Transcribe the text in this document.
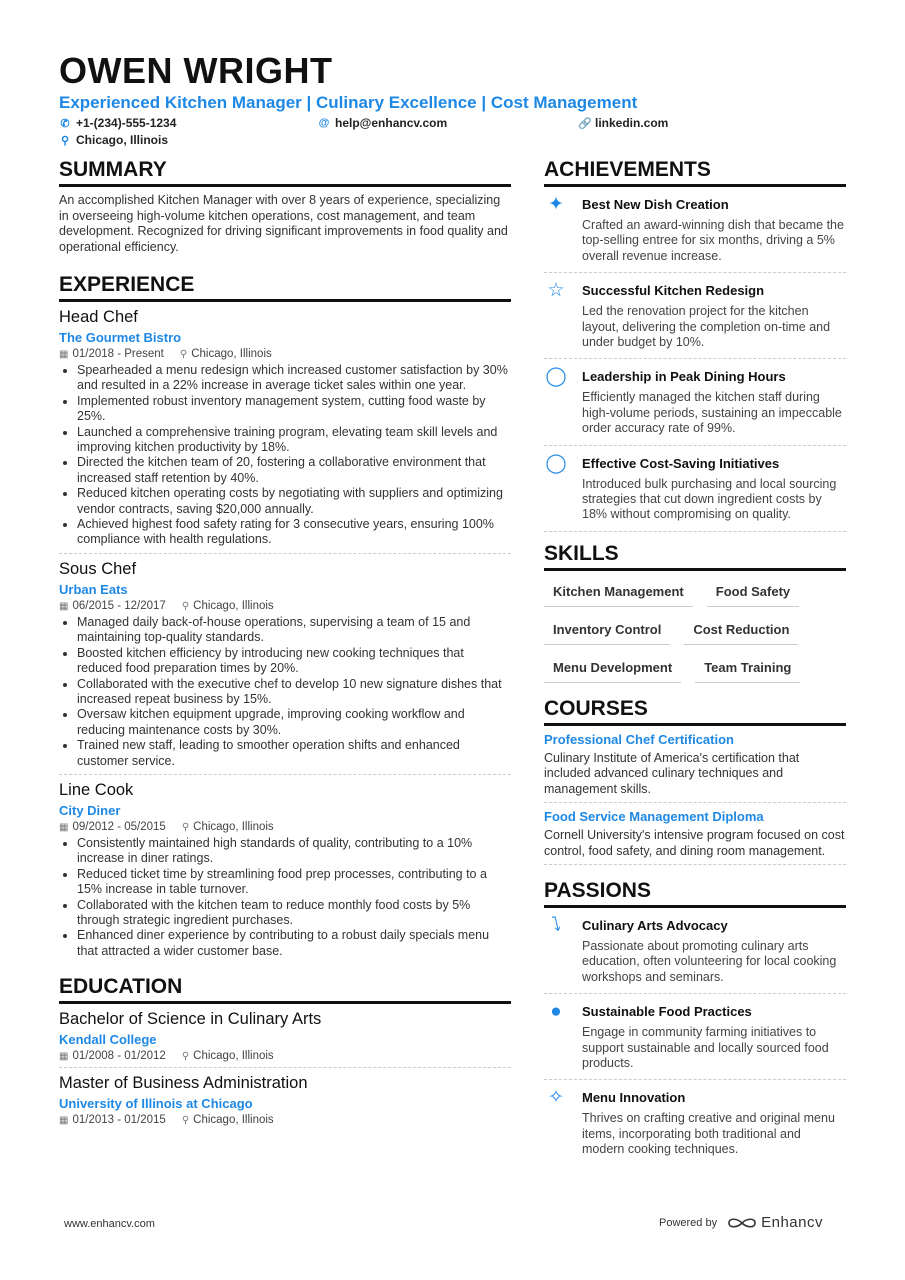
OWEN WRIGHT
Experienced Kitchen Manager | Culinary Excellence | Cost Management
✆ +1-(234)-555-1234	@ help@enhancv.com	🔗 linkedin.com
⚲ Chicago, Illinois
SUMMARY
An accomplished Kitchen Manager with over 8 years of experience, specializing in overseeing high-volume kitchen operations, cost management, and team development. Recognized for driving significant improvements in food quality and operational efficiency.
EXPERIENCE
Head Chef
The Gourmet Bistro
▦ 01/2018 - Present ⚲ Chicago, Illinois
• Spearheaded a menu redesign which increased customer satisfaction by 30% and resulted in a 22% increase in average ticket sales within one year.
• Implemented robust inventory management system, cutting food waste by 25%.
• Launched a comprehensive training program, elevating team skill levels and improving kitchen productivity by 18%.
• Directed the kitchen team of 20, fostering a collaborative environment that increased staff retention by 40%.
• Reduced kitchen operating costs by negotiating with suppliers and optimizing vendor contracts, saving $20,000 annually.
• Achieved highest food safety rating for 3 consecutive years, ensuring 100% compliance with health regulations.
Sous Chef
Urban Eats
▦ 06/2015 - 12/2017 ⚲ Chicago, Illinois
• Managed daily back-of-house operations, supervising a team of 15 and maintaining top-quality standards.
• Boosted kitchen efficiency by introducing new cooking techniques that reduced food preparation times by 20%.
• Collaborated with the executive chef to develop 10 new signature dishes that increased repeat business by 15%.
• Oversaw kitchen equipment upgrade, improving cooking workflow and reducing maintenance costs by 30%.
• Trained new staff, leading to smoother operation shifts and enhanced customer service.
Line Cook
City Diner
▦ 09/2012 - 05/2015 ⚲ Chicago, Illinois
• Consistently maintained high standards of quality, contributing to a 10% increase in diner ratings.
• Reduced ticket time by streamlining food prep processes, contributing to a 15% increase in table turnover.
• Collaborated with the kitchen team to reduce monthly food costs by 5% through strategic ingredient purchases.
• Enhanced diner experience by contributing to a robust daily specials menu that attracted a wider customer base.
EDUCATION
Bachelor of Science in Culinary Arts
Kendall College
▦ 01/2008 - 01/2012 ⚲ Chicago, Illinois
Master of Business Administration
University of Illinois at Chicago
▦ 01/2013 - 01/2015 ⚲ Chicago, Illinois
ACHIEVEMENTS
✦	Best New Dish Creation
Crafted an award-winning dish that became the top-selling entree for six months, driving a 5% overall revenue increase.
☆ Successful Kitchen Redesign
Led the renovation project for the kitchen layout, delivering the completion on-time and under budget by 10%.
◯ Leadership in Peak Dining Hours
Efficiently managed the kitchen staff during high-volume periods, sustaining an impeccable order accuracy rate of 99%.
◯ Effective Cost-Saving Initiatives
Introduced bulk purchasing and local sourcing strategies that cut down ingredient costs by 18% without compromising on quality.
SKILLS
Kitchen Management	Food Safety
Inventory Control	Cost Reduction
Menu Development	Team Training
COURSES
Professional Chef Certification
Culinary Institute of America's certification that included advanced culinary techniques and management skills.
Food Service Management Diploma
Cornell University's intensive program focused on cost control, food safety, and dining room management.
PASSIONS
⭝	Culinary Arts Advocacy
Passionate about promoting culinary arts education, often volunteering for local cooking workshops and seminars.
●	Sustainable Food Practices
Engage in community farming initiatives to support sustainable and locally sourced food products.
✧	Menu Innovation
Thrives on crafting creative and original menu items, incorporating both traditional and modern cooking techniques.
www.enhancv.com	Powered by	Enhancv
